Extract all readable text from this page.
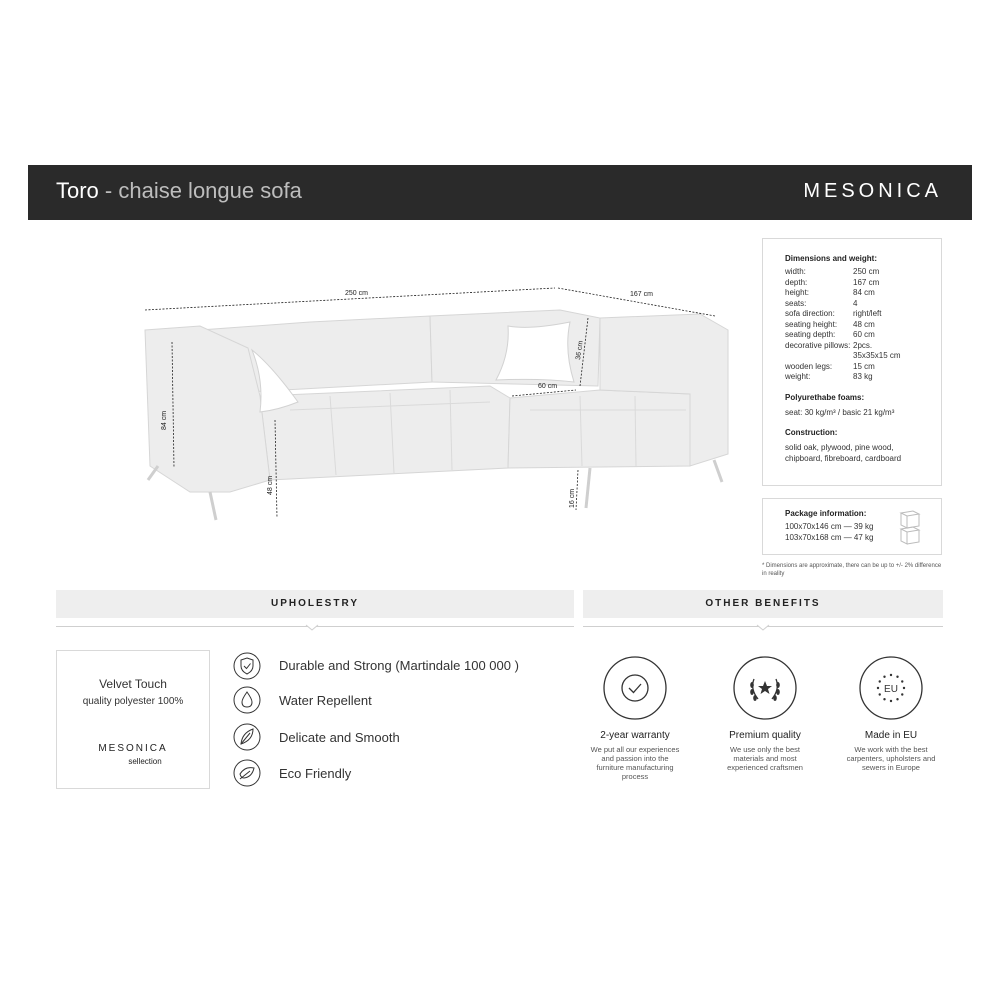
Toro - chaise longue sofa	MESONICA
250 cm	167 cm
84 cm
48 cm
36 cm
60 cm
16 cm
Dimensions and weight:
width:	250 cm
depth:	167 cm
height:	84 cm
seats:	4
sofa direction:	right/left
seating height:	48 cm
seating depth:	60 cm
decorative pillows: 2pcs.
35x35x15 cm
wooden legs:	15 cm
weight:	83 kg
Polyurethabe foams:
seat: 30 kg/m³ / basic 21 kg/m³
Construction:
solid oak, plywood, pine wood,
chipboard, fibreboard, cardboard
Package information:
100x70x146 cm — 39 kg
103x70x168 cm — 47 kg
* Dimensions are approximate, there can be up to +/- 2% difference in reality
UPHOLESTRY	OTHER BENEFITS
Velvet Touch
quality polyester 100%
MESONICA
sellection
Durable and Strong (Martindale 100 000 )
Water Repellent
Delicate and Smooth
Eco Friendly
2-year warranty
We put all our experiences and passion into the furniture manufacturing process
Premium quality
We use only the best materials and most experienced craftsmen
EU
Made in EU
We work with the best carpenters, upholsters and sewers in Europe
